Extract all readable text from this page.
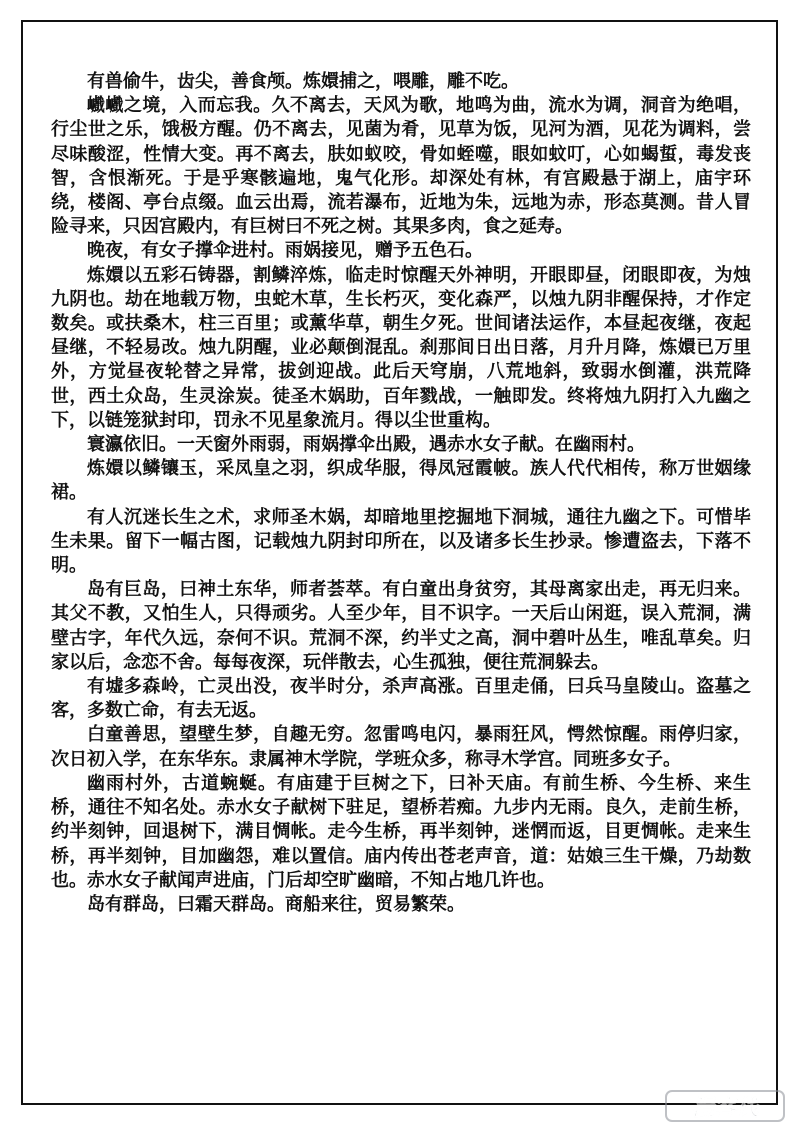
有兽偷牛，齿尖，善食颅。炼嬛捕之，喂雕，雕不吃。

巇巇之境，入而忘我。久不离去，天风为歌，地鸣为曲，流水为调，洞音为绝唱，行尘世之乐，饿极方醒。仍不离去，见菌为肴，见草为饭，见河为酒，见花为调料，尝尽味酸涩，性情大变。再不离去，肤如蚁咬，骨如蛭噬，眼如蚊叮，心如蝎蜇，毒发丧智，含恨渐死。于是乎寒骸遍地，鬼气化形。却深处有林，有宫殿悬于湖上，庙宇环绕，楼阁、亭台点缀。血云出焉，流若瀑布，近地为朱，远地为赤，形态莫测。昔人冒险寻来，只因宫殿内，有巨树曰不死之树。其果多肉，食之延寿。

晚夜，有女子撑伞进村。雨娲接见，赠予五色石。

炼嬛以五彩石铸器，割鳞淬炼，临走时惊醒天外神明，开眼即昼，闭眼即夜，为烛九阴也。劫在地载万物，虫蛇木草，生长朽灭，变化森严，以烛九阴非醒保持，才作定数矣。或扶桑木，柱三百里；或薰华草，朝生夕死。世间诸法运作，本昼起夜继，夜起昼继，不轻易改。烛九阴醒，业必颠倒混乱。刹那间日出日落，月升月降，炼嬛已万里外，方觉昼夜轮替之异常，拔剑迎战。此后天穹崩，八荒地斜，致弱水倒灌，洪荒降世，西土众岛，生灵涂炭。徒圣木娲助，百年戮战，一触即发。终将烛九阴打入九幽之下，以链笼狱封印，罚永不见星象流月。得以尘世重构。

寰瀛依旧。一天窗外雨弱，雨娲撑伞出殿，遇赤水女子献。在幽雨村。

炼嬛以鳞镶玉，采凤皇之羽，织成华服，得凤冠霞帔。族人代代相传，称万世姻缘裙。

有人沉迷长生之术，求师圣木娲，却暗地里挖掘地下洞城，通往九幽之下。可惜毕生未果。留下一幅古图，记载烛九阴封印所在，以及诸多长生抄录。惨遭盗去，下落不明。

岛有巨岛，曰神土东华，师者荟萃。有白童出身贫穷，其母离家出走，再无归来。其父不教，又怕生人，只得顽劣。人至少年，目不识字。一天后山闲逛，误入荒洞，满壁古字，年代久远，奈何不识。荒洞不深，约半丈之高，洞中碧叶丛生，唯乱草矣。归家以后，念恋不舍。每每夜深，玩伴散去，心生孤独，便往荒洞躲去。

有墟多森岭，亡灵出没，夜半时分，杀声高涨。百里走俑，曰兵马皇陵山。盗墓之客，多数亡命，有去无返。

白童善思，望壁生梦，自趣无穷。忽雷鸣电闪，暴雨狂风，愕然惊醒。雨停归家，次日初入学，在东华东。隶属神木学院，学班众多，称寻木学宫。同班多女子。

幽雨村外，古道蜿蜒。有庙建于巨树之下，曰补天庙。有前生桥、今生桥、来生桥，通往不知名处。赤水女子献树下驻足，望桥若痴。九步内无雨。良久，走前生桥，约半刻钟，回退树下，满目惆帐。走今生桥，再半刻钟，迷惘而返，目更惆帐。走来生桥，再半刻钟，目加幽怨，难以置信。庙内传出苍老声音，道：姑娘三生干燥，乃劫数也。赤水女子献闻声进庙，门后却空旷幽暗，不知占地几许也。

岛有群岛，曰霜天群岛。商船来往，贸易繁荣。

漫客栈
